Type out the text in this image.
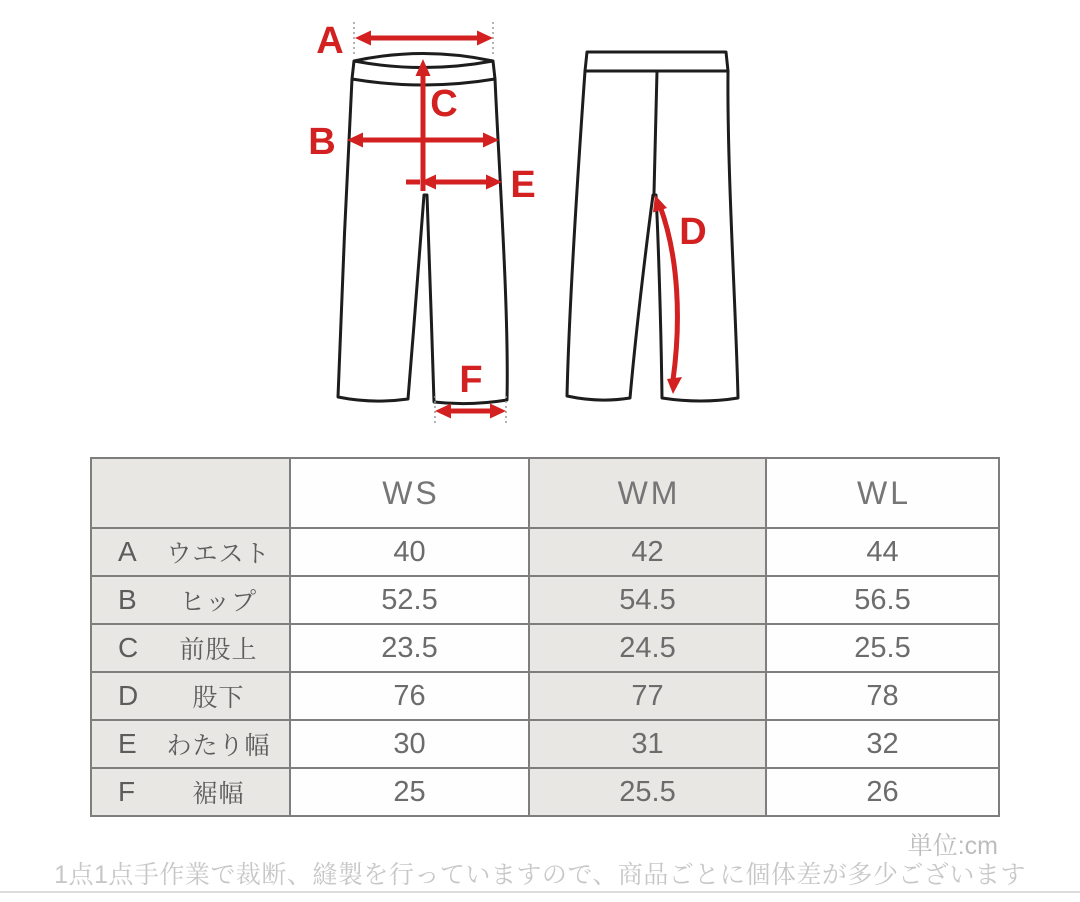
A
B
C
E
F
D
	WS	WM	WL

A ウエスト	40	42	44

B ヒップ	52.5	54.5	56.5

C 前股上	23.5	24.5	25.5

D 股下	76	77	78

E わたり幅	30	31	32

F 裾幅	25	25.5	26
単位:cm
1点1点手作業で裁断、縫製を行っていますので、商品ごとに個体差が多少ございます
